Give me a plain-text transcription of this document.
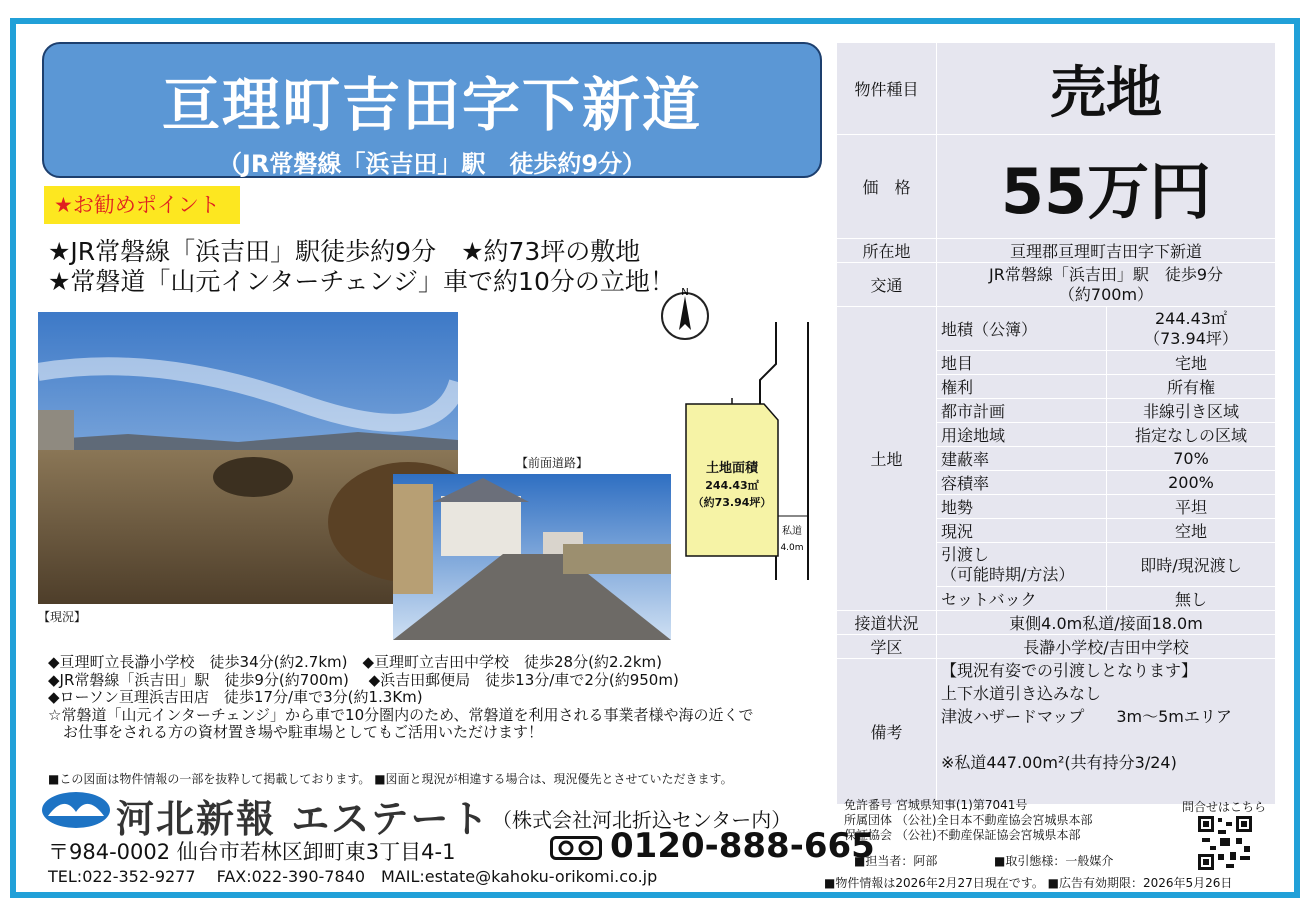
亘理町吉田字下新道
（JR常磐線「浜吉田」駅　徒歩約9分）
★お勧めポイント
★JR常磐線「浜吉田」駅徒歩約9分　★約73坪の敷地
★常磐道「山元インターチェンジ」車で約10分の立地！
【現況】
【前面道路】
N
私道
4.0m
土地面積
244.43㎡
（約73.94坪）
◆亘理町立長瀞小学校　徒歩34分(約2.7km)　◆亘理町立吉田中学校　徒歩28分(約2.2km)
◆JR常磐線「浜吉田」駅　徒歩9分(約700m)　 ◆浜吉田郵便局　徒歩13分/車で2分(約950m)
◆ローソン亘理浜吉田店　徒歩17分/車で3分(約1.3Km)
☆常磐道「山元インターチェンジ」から車で10分圏内のため、常磐道を利用される事業者様や海の近くで
　お仕事をされる方の資材置き場や駐車場としてもご活用いただけます！
■この図面は物件情報の一部を抜粋して掲載しております。 ■図面と現況が相違する場合は、現況優先とさせていただきます。
河北新報 エステート （株式会社河北折込センター内）
〒984-0002 仙台市若林区卸町東3丁目4-1	0120-888-665
TEL:022-352-9277　 FAX:022-390-7840　MAIL:estate@kahoku-orikomi.co.jp
物件種目	売地	
価　格	55万円	
所在地	亘理郡亘理町吉田字下新道	
交通	JR常磐線「浜吉田」駅　徒歩9分
（約700m）	

土地	地積（公簿）	244.43㎡
（73.94坪）

	地目	宅地
	権利	所有権
	都市計画	非線引き区域
	用途地域	指定なしの区域
	建蔽率	70%
	容積率	200%
	地勢	平坦
	現況	空地

	引渡し
（可能時期/方法）	即時/現況渡し
	セットバック	無し
接道状況	東側4.0m私道/接面18.0m	
学区	長瀞小学校/吉田中学校	
備考	【現況有姿での引渡しとなります】
上下水道引き込みなし
津波ハザードマップ　　3m～5mエリア
※私道447.00m²(共有持分3/24)	
免許番号 宮城県知事(1)第7041号
所属団体 （公社)全日本不動産協会宮城県本部
保証協会 （公社)不動産保証協会宮城県本部
問合せはこちら
■担当者：阿部	■取引態様：一般媒介
■物件情報は2026年2月27日現在です。 ■広告有効期限：2026年5月26日
